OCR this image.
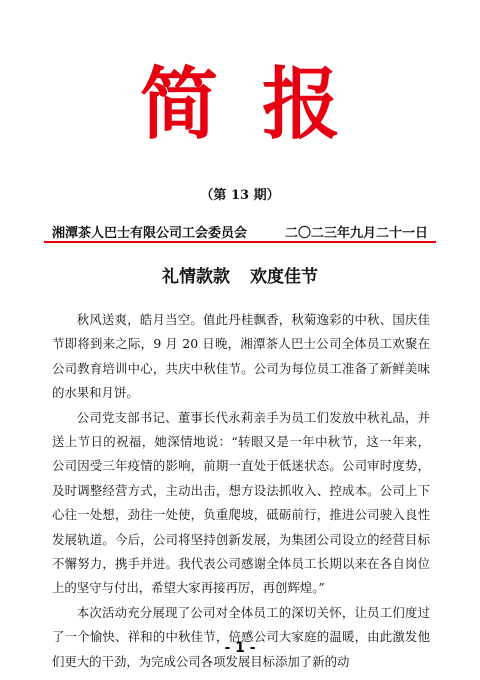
简报
（第 13 期）
湘潭茶人巴士有限公司工会委员会	二〇二三年九月二十一日
礼情款款 欢度佳节

秋风送爽，皓月当空。值此丹桂飘香，秋菊逸彩的中秋、国庆佳节即将到来之际，9 月 20 日晚，湘潭茶人巴士公司全体员工欢聚在公司教育培训中心，共庆中秋佳节。公司为每位员工准备了新鲜美味的水果和月饼。

公司党支部书记、董事长代永莉亲手为员工们发放中秋礼品，并送上节日的祝福，她深情地说：“转眼又是一年中秋节，这一年来，公司因受三年疫情的影响，前期一直处于低迷状态。公司审时度势，及时调整经营方式，主动出击，想方设法抓收入、控成本。公司上下心往一处想，劲往一处使，负重爬坡，砥砺前行，推进公司驶入良性发展轨道。今后，公司将坚持创新发展，为集团公司设立的经营目标不懈努力，携手并进。我代表公司感谢全体员工长期以来在各自岗位上的坚守与付出，希望大家再接再厉，再创辉煌。”

本次活动充分展现了公司对全体员工的深切关怀，让员工们度过了一个愉快、祥和的中秋佳节，倍感公司大家庭的温暖，由此激发他们更大的干劲，为完成公司各项发展目标添加了新的动

- 1 -
